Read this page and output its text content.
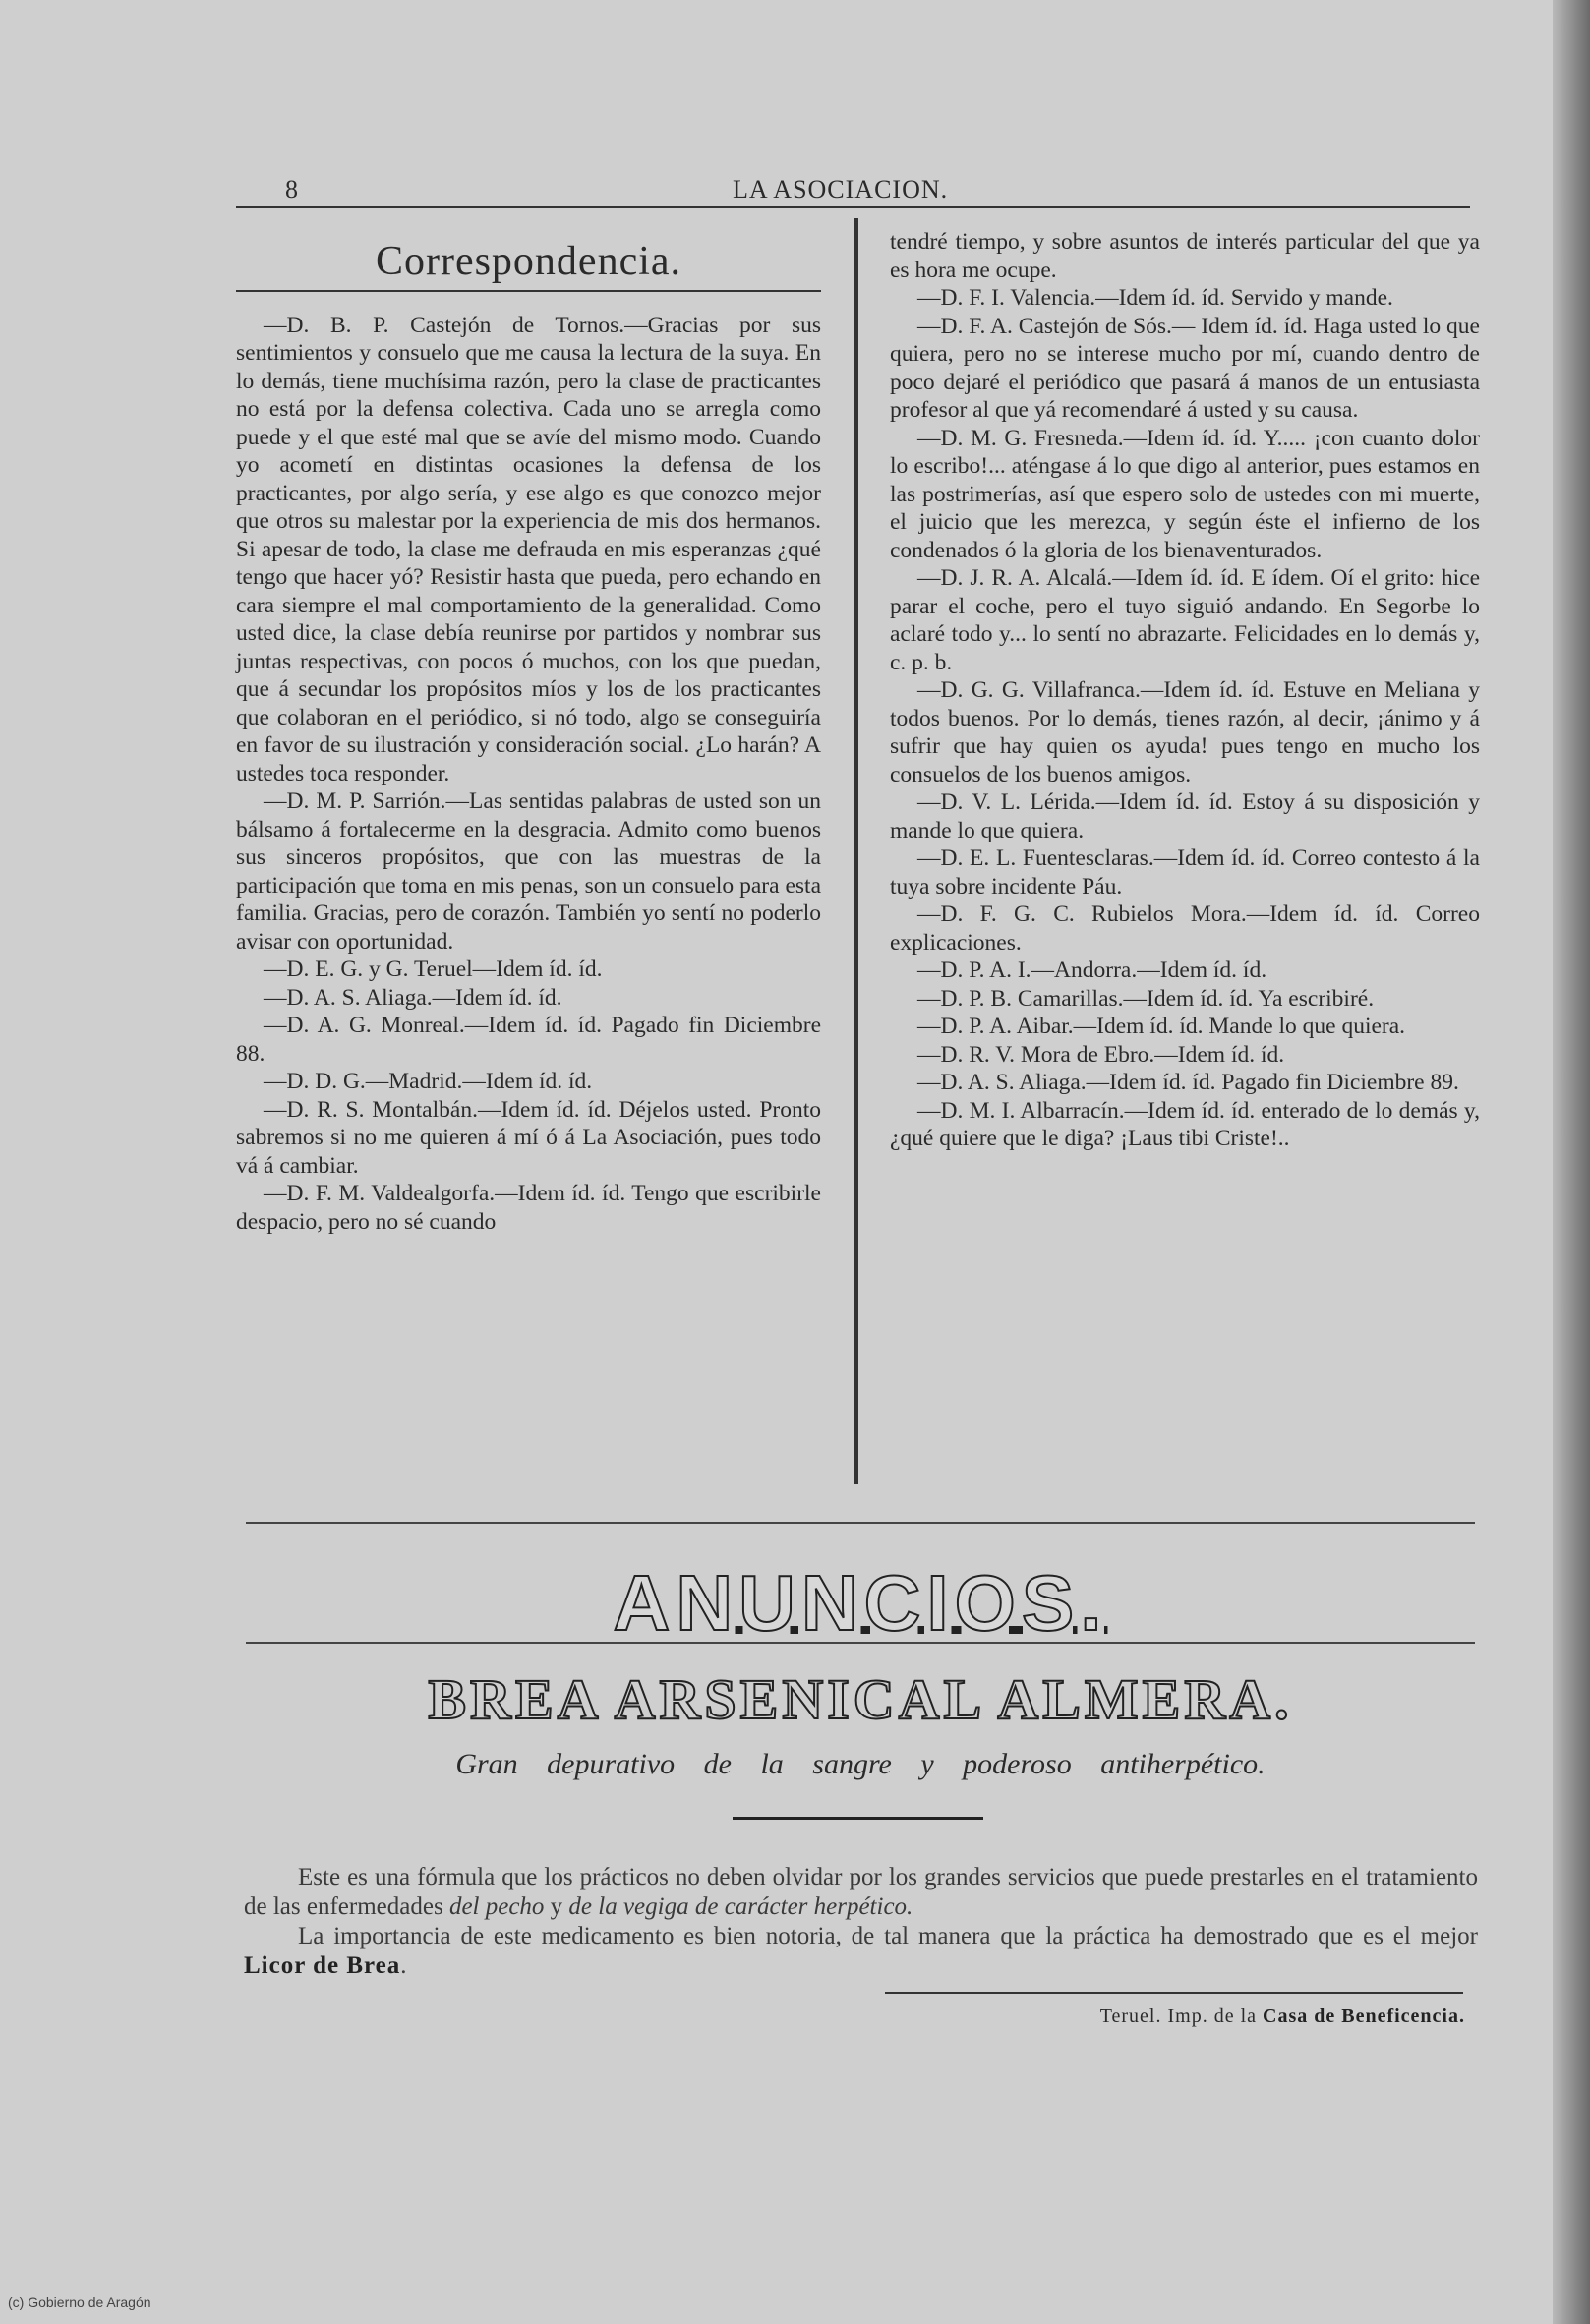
8	LA ASOCIACION.
Correspondencia.

—D. B. P. Castejón de Tornos.—Gracias por sus sentimientos y consuelo que me causa la lectura de la suya. En lo demás, tiene muchísima razón, pero la clase de practicantes no está por la defensa colectiva. Cada uno se arregla como puede y el que esté mal que se avíe del mismo modo. Cuando yo acometí en distintas ocasiones la defensa de los practicantes, por algo sería, y ese algo es que conozco mejor que otros su malestar por la experiencia de mis dos hermanos. Si apesar de todo, la clase me defrauda en mis esperanzas ¿qué tengo que hacer yó? Resistir hasta que pueda, pero echando en cara siempre el mal comportamiento de la generalidad. Como usted dice, la clase debía reunirse por partidos y nombrar sus juntas respectivas, con pocos ó muchos, con los que puedan, que á secundar los propósitos míos y los de los practicantes que colaboran en el periódico, si nó todo, algo se conseguiría en favor de su ilustración y consideración social. ¿Lo harán? A ustedes toca responder.

—D. M. P. Sarrión.—Las sentidas palabras de usted son un bálsamo á fortalecerme en la desgracia. Admito como buenos sus sinceros propósitos, que con las muestras de la participación que toma en mis penas, son un consuelo para esta familia. Gracias, pero de corazón. También yo sentí no poderlo avisar con oportunidad.

—D. E. G. y G. Teruel—Idem íd. íd.

—D. A. S. Aliaga.—Idem íd. íd.

—D. A. G. Monreal.—Idem íd. íd. Pagado fin Diciembre 88.

—D. D. G.—Madrid.—Idem íd. íd.

—D. R. S. Montalbán.—Idem íd. íd. Déjelos usted. Pronto sabremos si no me quieren á mí ó á La Asociación, pues todo vá á cambiar.

—D. F. M. Valdealgorfa.—Idem íd. íd. Tengo que escribirle despacio, pero no sé cuando

tendré tiempo, y sobre asuntos de interés particular del que ya es hora me ocupe.

—D. F. I. Valencia.—Idem íd. íd. Servido y mande.

—D. F. A. Castejón de Sós.— Idem íd. íd. Haga usted lo que quiera, pero no se interese mucho por mí, cuando dentro de poco dejaré el periódico que pasará á manos de un entusiasta profesor al que yá recomendaré á usted y su causa.

—D. M. G. Fresneda.—Idem íd. íd. Y..... ¡con cuanto dolor lo escribo!... aténgase á lo que digo al anterior, pues estamos en las postrimerías, así que espero solo de ustedes con mi muerte, el juicio que les merezca, y según éste el infierno de los condenados ó la gloria de los bienaventurados.

—D. J. R. A. Alcalá.—Idem íd. íd. E ídem. Oí el grito: hice parar el coche, pero el tuyo siguió andando. En Segorbe lo aclaré todo y... lo sentí no abrazarte. Felicidades en lo demás y, c. p. b.

—D. G. G. Villafranca.—Idem íd. íd. Estuve en Meliana y todos buenos. Por lo demás, tienes razón, al decir, ¡ánimo y á sufrir que hay quien os ayuda! pues tengo en mucho los consuelos de los buenos amigos.

—D. V. L. Lérida.—Idem íd. íd. Estoy á su disposición y mande lo que quiera.

—D. E. L. Fuentesclaras.—Idem íd. íd. Correo contesto á la tuya sobre incidente Páu.

—D. F. G. C. Rubielos Mora.—Idem íd. íd. Correo explicaciones.

—D. P. A. I.—Andorra.—Idem íd. íd.

—D. P. B. Camarillas.—Idem íd. íd. Ya escribiré.

—D. P. A. Aibar.—Idem íd. íd. Mande lo que quiera.

—D. R. V. Mora de Ebro.—Idem íd. íd.

—D. A. S. Aliaga.—Idem íd. íd. Pagado fin Diciembre 89.

—D. M. I. Albarracín.—Idem íd. íd. enterado de lo demás y, ¿qué quiere que le diga? ¡Laus tibi Criste!..

ANUNCIOS.
BREA ARSENICAL ALMERA.
Gran depurativo de la sangre y poderoso antiherpético.

Este es una fórmula que los prácticos no deben olvidar por los grandes servicios que puede prestarles en el tratamiento de las enfermedades del pecho y de la vegiga de carácter herpético.

La importancia de este medicamento es bien notoria, de tal manera que la práctica ha demostrado que es el mejor Licor de Brea.

Teruel. Imp. de la Casa de Beneficencia.
(c) Gobierno de Aragón
